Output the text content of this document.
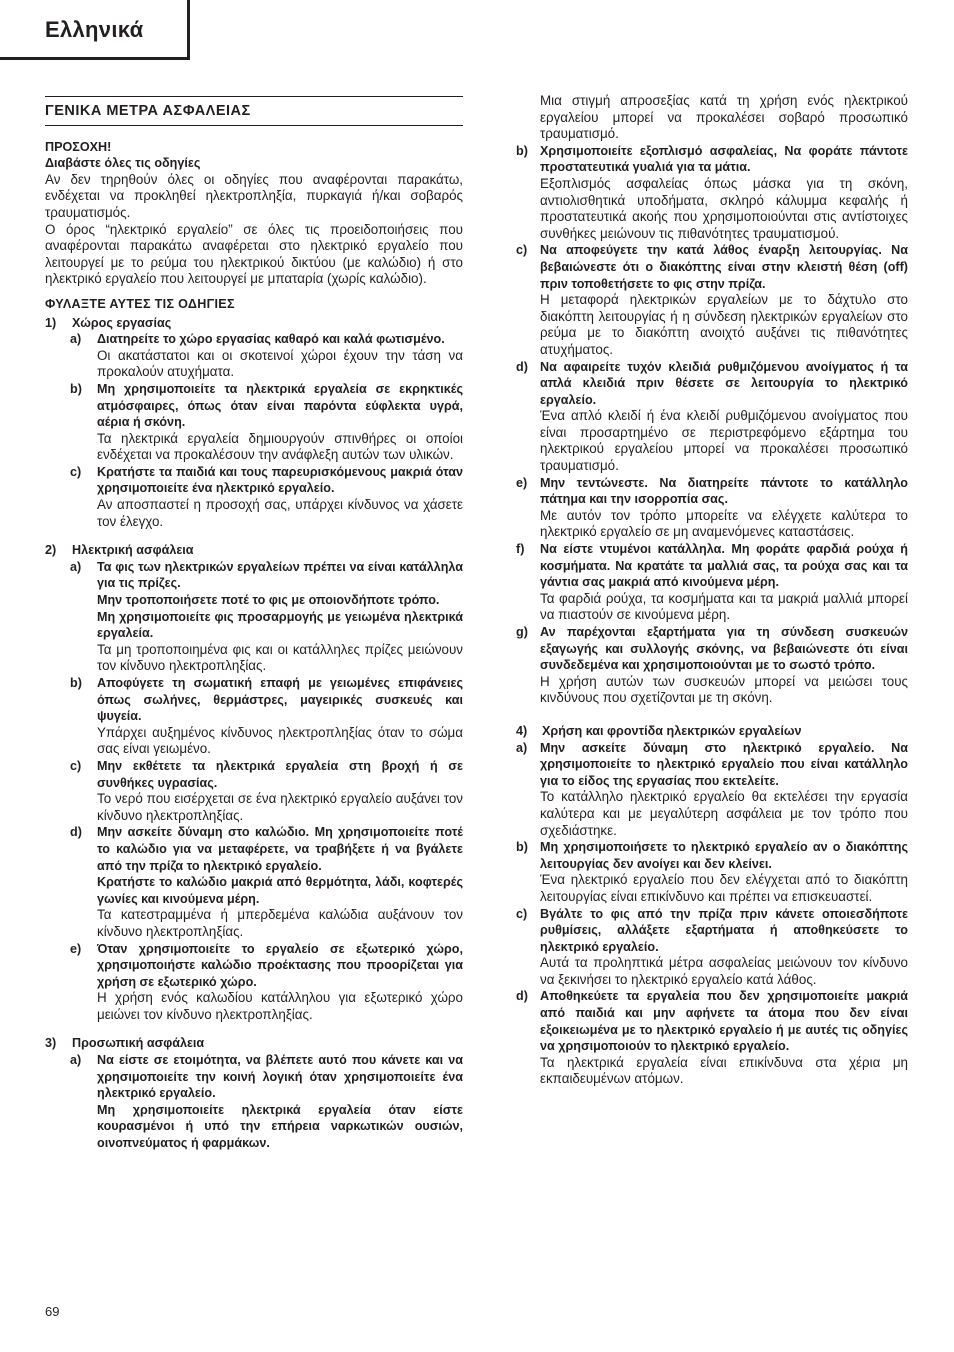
Ελληνικά
ΓΕΝΙΚΑ ΜΕΤΡΑ ΑΣΦΑΛΕΙΑΣ
ΠΡΟΣΟΧΗ!
Διαβάστε όλες τις οδηγίες
Αν δεν τηρηθούν όλες οι οδηγίες που αναφέρονται παρακάτω, ενδέχεται να προκληθεί ηλεκτροπληξία, πυρκαγιά ή/και σοβαρός τραυματισμός.
Ο όρος “ηλεκτρικό εργαλείο” σε όλες τις προειδοποιήσεις που αναφέρονται παρακάτω αναφέρεται στο ηλεκτρικό εργαλείο που λειτουργεί με το ρεύμα του ηλεκτρικού δικτύου (με καλώδιο) ή στο ηλεκτρικό εργαλείο που λειτουργεί με μπαταρία (χωρίς καλώδιο).
ΦΥΛΑΞΤΕ ΑΥΤΕΣ ΤΙΣ ΟΔΗΓΙΕΣ
1) Χώρος εργασίας
a) Διατηρείτε το χώρο εργασίας καθαρό και καλά φωτισμένο.
Οι ακατάστατοι και οι σκοτεινοί χώροι έχουν την τάση να προκαλούν ατυχήματα.
b) Μη χρησιμοποιείτε τα ηλεκτρικά εργαλεία σε εκρηκτικές ατμόσφαιρες, όπως όταν είναι παρόντα εύφλεκτα υγρά, αέρια ή σκόνη.
Τα ηλεκτρικά εργαλεία δημιουργούν σπινθήρες οι οποίοι ενδέχεται να προκαλέσουν την ανάφλεξη αυτών των υλικών.
c) Κρατήστε τα παιδιά και τους παρευρισκόμενους μακριά όταν χρησιμοποιείτε ένα ηλεκτρικό εργαλείο.
Αν αποσπαστεί η προσοχή σας, υπάρχει κίνδυνος να χάσετε τον έλεγχο.
2) Ηλεκτρική ασφάλεια
a) Τα φις των ηλεκτρικών εργαλείων πρέπει να είναι κατάλληλα για τις πρίζες.
Μην τροποποιήσετε ποτέ το φις με οποιονδήποτε τρόπο.
Μη χρησιμοποιείτε φις προσαρμογής με γειωμένα ηλεκτρικά εργαλεία.
Τα μη τροποποιημένα φις και οι κατάλληλες πρίζες μειώνουν τον κίνδυνο ηλεκτροπληξίας.
b) Αποφύγετε τη σωματική επαφή με γειωμένες επιφάνειες όπως σωλήνες, θερμάστρες, μαγειρικές συσκευές και ψυγεία.
Υπάρχει αυξημένος κίνδυνος ηλεκτροπληξίας όταν το σώμα σας είναι γειωμένο.
c) Μην εκθέτετε τα ηλεκτρικά εργαλεία στη βροχή ή σε συνθήκες υγρασίας.
Το νερό που εισέρχεται σε ένα ηλεκτρικό εργαλείο αυξάνει τον κίνδυνο ηλεκτροπληξίας.
d) Μην ασκείτε δύναμη στο καλώδιο. Μη χρησιμοποιείτε ποτέ το καλώδιο για να μεταφέρετε, να τραβήξετε ή να βγάλετε από την πρίζα το ηλεκτρικό εργαλείο.
Κρατήστε το καλώδιο μακριά από θερμότητα, λάδι, κοφτερές γωνίες και κινούμενα μέρη.
Τα κατεστραμμένα ή μπερδεμένα καλώδια αυξάνουν τον κίνδυνο ηλεκτροπληξίας.
e) Όταν χρησιμοποιείτε το εργαλείο σε εξωτερικό χώρο, χρησιμοποιήστε καλώδιο προέκτασης που προορίζεται για χρήση σε εξωτερικό χώρο.
Η χρήση ενός καλωδίου κατάλληλου για εξωτερικό χώρο μειώνει τον κίνδυνο ηλεκτροπληξίας.
3) Προσωπική ασφάλεια
a) Να είστε σε ετοιμότητα, να βλέπετε αυτό που κάνετε και να χρησιμοποιείτε την κοινή λογική όταν χρησιμοποιείτε ένα ηλεκτρικό εργαλείο.
Μη χρησιμοποιείτε ηλεκτρικά εργαλεία όταν είστε κουρασμένοι ή υπό την επήρεια ναρκωτικών ουσιών, οινοπνεύματος ή φαρμάκων.
Μια στιγμή απροσεξίας κατά τη χρήση ενός ηλεκτρικού εργαλείου μπορεί να προκαλέσει σοβαρό προσωπικό τραυματισμό.
b) Χρησιμοποιείτε εξοπλισμό ασφαλείας, Να φοράτε πάντοτε προστατευτικά γυαλιά για τα μάτια.
Εξοπλισμός ασφαλείας όπως μάσκα για τη σκόνη, αντιολισθητικά υποδήματα, σκληρό κάλυμμα κεφαλής ή προστατευτικά ακοής που χρησιμοποιούνται στις αντίστοιχες συνθήκες μειώνουν τις πιθανότητες τραυματισμού.
c) Να αποφεύγετε την κατά λάθος έναρξη λειτουργίας. Να βεβαιώνεστε ότι ο διακόπτης είναι στην κλειστή θέση (off) πριν τοποθετήσετε το φις στην πρίζα.
Η μεταφορά ηλεκτρικών εργαλείων με το δάχτυλο στο διακόπτη λειτουργίας ή η σύνδεση ηλεκτρικών εργαλείων στο ρεύμα με το διακόπτη ανοιχτό αυξάνει τις πιθανότητες ατυχήματος.
d) Να αφαιρείτε τυχόν κλειδιά ρυθμιζόμενου ανοίγματος ή τα απλά κλειδιά πριν θέσετε σε λειτουργία το ηλεκτρικό εργαλείο.
Ένα απλό κλειδί ή ένα κλειδί ρυθμιζόμενου ανοίγματος που είναι προσαρτημένο σε περιστρεφόμενο εξάρτημα του ηλεκτρικού εργαλείου μπορεί να προκαλέσει προσωπικό τραυματισμό.
e) Μην τεντώνεστε. Να διατηρείτε πάντοτε το κατάλληλο πάτημα και την ισορροπία σας.
Με αυτόν τον τρόπο μπορείτε να ελέγχετε καλύτερα το ηλεκτρικό εργαλείο σε μη αναμενόμενες καταστάσεις.
f) Να είστε ντυμένοι κατάλληλα. Μη φοράτε φαρδιά ρούχα ή κοσμήματα. Να κρατάτε τα μαλλιά σας, τα ρούχα σας και τα γάντια σας μακριά από κινούμενα μέρη.
Τα φαρδιά ρούχα, τα κοσμήματα και τα μακριά μαλλιά μπορεί να πιαστούν σε κινούμενα μέρη.
g) Αν παρέχονται εξαρτήματα για τη σύνδεση συσκευών εξαγωγής και συλλογής σκόνης, να βεβαιώνεστε ότι είναι συνδεδεμένα και χρησιμοποιούνται με το σωστό τρόπο.
Η χρήση αυτών των συσκευών μπορεί να μειώσει τους κινδύνους που σχετίζονται με τη σκόνη.
4) Χρήση και φροντίδα ηλεκτρικών εργαλείων
a) Μην ασκείτε δύναμη στο ηλεκτρικό εργαλείο. Να χρησιμοποιείτε το ηλεκτρικό εργαλείο που είναι κατάλληλο για το είδος της εργασίας που εκτελείτε.
Το κατάλληλο ηλεκτρικό εργαλείο θα εκτελέσει την εργασία καλύτερα και με μεγαλύτερη ασφάλεια με τον τρόπο που σχεδιάστηκε.
b) Μη χρησιμοποιήσετε το ηλεκτρικό εργαλείο αν ο διακόπτης λειτουργίας δεν ανοίγει και δεν κλείνει.
Ένα ηλεκτρικό εργαλείο που δεν ελέγχεται από το διακόπτη λειτουργίας είναι επικίνδυνο και πρέπει να επισκευαστεί.
c) Βγάλτε το φις από την πρίζα πριν κάνετε οποιεσδήποτε ρυθμίσεις, αλλάξετε εξαρτήματα ή αποθηκεύσετε το ηλεκτρικό εργαλείο.
Αυτά τα προληπτικά μέτρα ασφαλείας μειώνουν τον κίνδυνο να ξεκινήσει το ηλεκτρικό εργαλείο κατά λάθος.
d) Αποθηκεύετε τα εργαλεία που δεν χρησιμοποιείτε μακριά από παιδιά και μην αφήνετε τα άτομα που δεν είναι εξοικειωμένα με το ηλεκτρικό εργαλείο ή με αυτές τις οδηγίες να χρησιμοποιούν το ηλεκτρικό εργαλείο.
Τα ηλεκτρικά εργαλεία είναι επικίνδυνα στα χέρια μη εκπαιδευμένων ατόμων.
69
